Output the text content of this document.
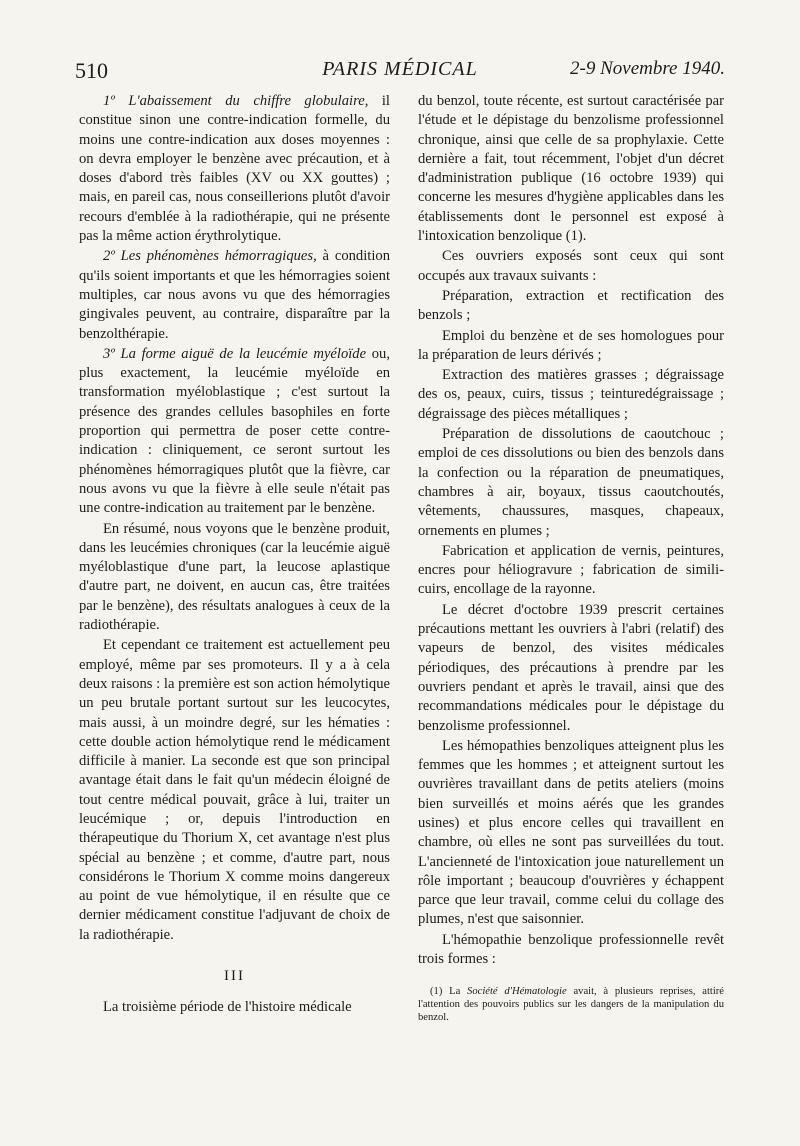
510	PARIS MÉDICAL	2-9 Novembre 1940.

1º L'abaissement du chiffre globulaire, il constitue sinon une contre-indication formelle, du moins une contre-indication aux doses moyennes : on devra employer le benzène avec précaution, et à doses d'abord très faibles (XV ou XX gouttes) ; mais, en pareil cas, nous conseillerions plutôt d'avoir recours d'emblée à la radiothérapie, qui ne présente pas la même action érythrolytique.

2º Les phénomènes hémorragiques, à condition qu'ils soient importants et que les hémorragies soient multiples, car nous avons vu que des hémorragies gingivales peuvent, au contraire, disparaître par la benzolthérapie.

3º La forme aiguë de la leucémie myéloïde ou, plus exactement, la leucémie myéloïde en transformation myéloblastique ; c'est surtout la présence des grandes cellules basophiles en forte proportion qui permettra de poser cette contre-indication : cliniquement, ce seront surtout les phénomènes hémorragiques plutôt que la fièvre, car nous avons vu que la fièvre à elle seule n'était pas une contre-indication au traitement par le benzène.

En résumé, nous voyons que le benzène produit, dans les leucémies chroniques (car la leucémie aiguë myéloblastique d'une part, la leucose aplastique d'autre part, ne doivent, en aucun cas, être traitées par le benzène), des résultats analogues à ceux de la radiothérapie.

Et cependant ce traitement est actuellement peu employé, même par ses promoteurs. Il y a à cela deux raisons : la première est son action hémolytique un peu brutale portant surtout sur les leucocytes, mais aussi, à un moindre degré, sur les hématies : cette double action hémolytique rend le médicament difficile à manier. La seconde est que son principal avantage était dans le fait qu'un médecin éloigné de tout centre médical pouvait, grâce à lui, traiter un leucémique ; or, depuis l'introduction en thérapeutique du Thorium X, cet avantage n'est plus spécial au benzène ; et comme, d'autre part, nous considérons le Thorium X comme moins dangereux au point de vue hémolytique, il en résulte que ce dernier médicament constitue l'adjuvant de choix de la radiothérapie.

III

La troisième période de l'histoire médicale

du benzol, toute récente, est surtout caractérisée par l'étude et le dépistage du benzolisme professionnel chronique, ainsi que celle de sa prophylaxie. Cette dernière a fait, tout récemment, l'objet d'un décret d'administration publique (16 octobre 1939) qui concerne les mesures d'hygiène applicables dans les établissements dont le personnel est exposé à l'intoxication benzolique (1).

Ces ouvriers exposés sont ceux qui sont occupés aux travaux suivants :

Préparation, extraction et rectification des benzols ;

Emploi du benzène et de ses homologues pour la préparation de leurs dérivés ;

Extraction des matières grasses ; dégraissage des os, peaux, cuirs, tissus ; teinturedégraissage ; dégraissage des pièces métalliques ;

Préparation de dissolutions de caoutchouc ; emploi de ces dissolutions ou bien des benzols dans la confection ou la réparation de pneumatiques, chambres à air, boyaux, tissus caoutchoutés, vêtements, chaussures, masques, chapeaux, ornements en plumes ;

Fabrication et application de vernis, peintures, encres pour héliogravure ; fabrication de simili-cuirs, encollage de la rayonne.

Le décret d'octobre 1939 prescrit certaines précautions mettant les ouvriers à l'abri (relatif) des vapeurs de benzol, des visites médicales périodiques, des précautions à prendre par les ouvriers pendant et après le travail, ainsi que des recommandations médicales pour le dépistage du benzolisme professionnel.

Les hémopathies benzoliques atteignent plus les femmes que les hommes ; et atteignent surtout les ouvrières travaillant dans de petits ateliers (moins bien surveillés et moins aérés que les grandes usines) et plus encore celles qui travaillent en chambre, où elles ne sont pas surveillées du tout. L'ancienneté de l'intoxication joue naturellement un rôle important ; beaucoup d'ouvrières y échappent parce que leur travail, comme celui du collage des plumes, n'est que saisonnier.

L'hémopathie benzolique professionnelle revêt trois formes :

(1) La Société d'Hématologie avait, à plusieurs reprises, attiré l'attention des pouvoirs publics sur les dangers de la manipulation du benzol.
